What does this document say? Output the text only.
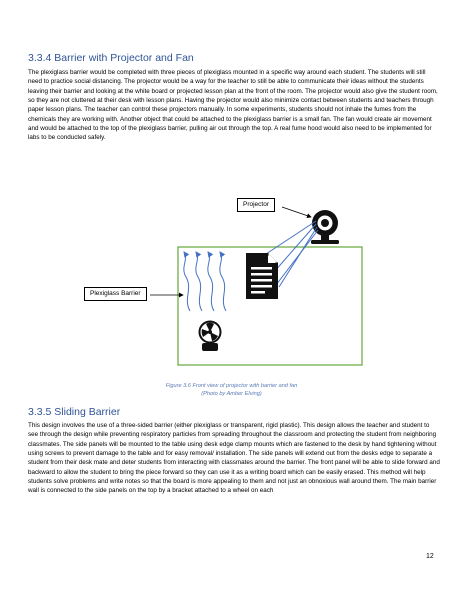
3.3.4 Barrier with Projector and Fan
The plexiglass barrier would be completed with three pieces of plexiglass mounted in a specific way around each student. The students will still need to practice social distancing. The projector would be a way for the teacher to still be able to communicate their ideas without the students leaving their barrier and looking at the white board or projected lesson plan at the front of the room. The projector would also give the student room, so they are not cluttered at their desk with lesson plans. Having the projector would also minimize contact between students and teachers through paper lesson plans. The teacher can control these projectors manually. In some experiments, students should not inhale the fumes from the chemicals they are working with. Another object that could be attached to the plexiglass barrier is a small fan. The fan would create air movement and would be attached to the top of the plexiglass barrier, pulling air out through the top. A real fume hood would also need to be implemented for labs to be conducted safely.
Projector
Plexiglass Barrier
Figure 3.6 Front view of projector with barrier and fan
(Photo by Amber Elving)
3.3.5 Sliding Barrier
This design involves the use of a three-sided barrier (either plexiglass or transparent, rigid plastic). This design allows the teacher and student to see through the design while preventing respiratory particles from spreading throughout the classroom and protecting the student from neighboring classmates. The side panels will be mounted to the table using desk edge clamp mounts which are fastened to the desk by hand tightening without using screws to prevent damage to the table and for easy removal/ installation. The side panels will extend out from the desks edge to separate a student from their desk mate and deter students from interacting with classmates around the barrier. The front panel will be able to slide forward and backward to allow the student to bring the piece forward so they can use it as a writing board which can be easily erased. This method will help students solve problems and write notes so that the board is more appealing to them and not just an obnoxious wall around them. The main barrier wall is connected to the side panels on the top by a bracket attached to a wheel on each
12
